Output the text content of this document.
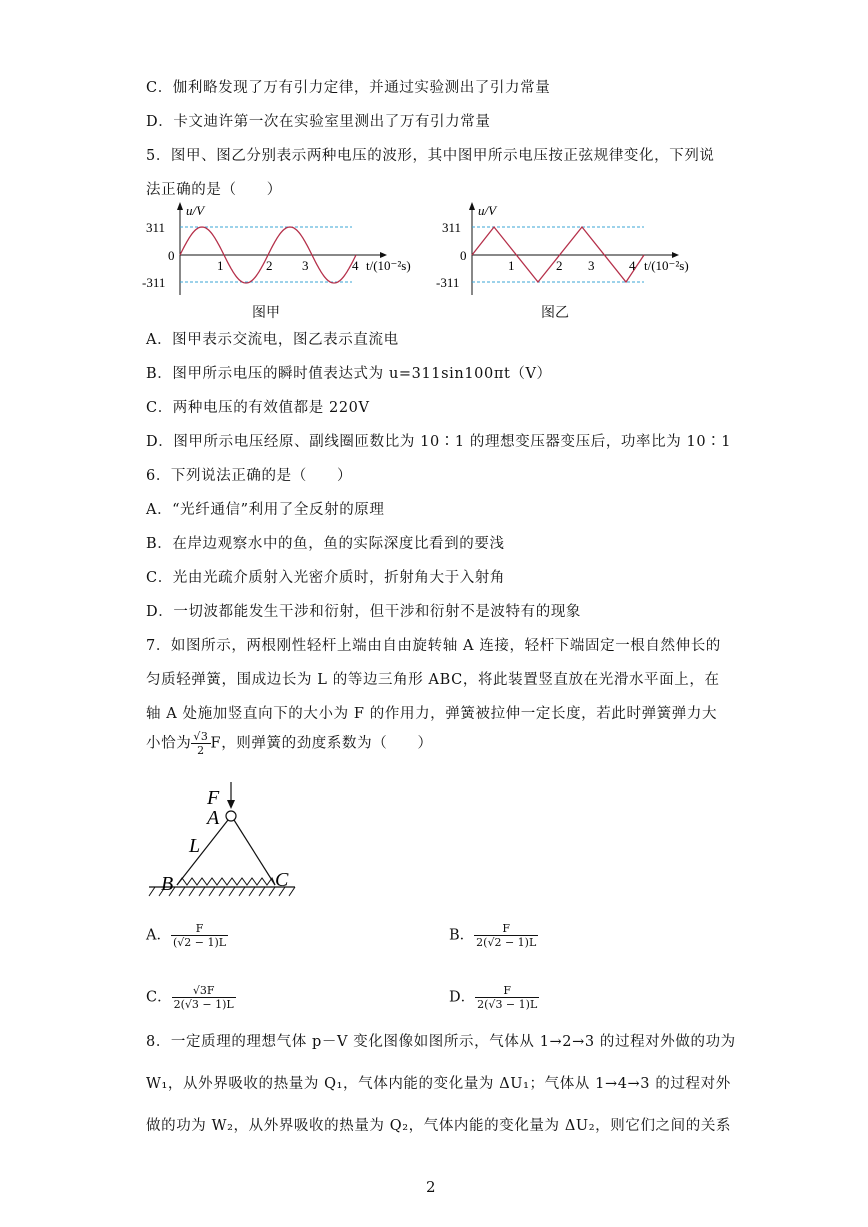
C．伽利略发现了万有引力定律，并通过实验测出了引力常量
D．卡文迪许第一次在实验室里测出了万有引力常量
5．图甲、图乙分别表示两种电压的波形，其中图甲所示电压按正弦规律变化，下列说
法正确的是（　　）
311
0
-311
u/V
1	2 3	4 t/(10⁻²s)
图甲
311
0
-311
u/V
1	2 3	4 t/(10⁻²s)
图乙
A．图甲表示交流电，图乙表示直流电
B．图甲所示电压的瞬时值表达式为 u=311sin100πt（V）
C．两种电压的有效值都是 220V
D．图甲所示电压经原、副线圈匝数比为 10∶1 的理想变压器变压后，功率比为 10∶1
6．下列说法正确的是（　　）
A．“光纤通信”利用了全反射的原理
B．在岸边观察水中的鱼，鱼的实际深度比看到的要浅
C．光由光疏介质射入光密介质时，折射角大于入射角
D．一切波都能发生干涉和衍射，但干涉和衍射不是波特有的现象
7．如图所示，两根刚性轻杆上端由自由旋转轴 A 连接，轻杆下端固定一根自然伸长的
匀质轻弹簧，围成边长为 L 的等边三角形 ABC，将此装置竖直放在光滑水平面上，在
轴 A 处施加竖直向下的大小为 F 的作用力，弹簧被拉伸一定长度，若此时弹簧弹力大
小恰为 $\frac{√3}{2}$ F，则弹簧的劲度系数为（　　）
F
A
L
B	C
A． $\frac{F}{(√2 - 1)L}$	B． $\frac{F}{2(√2 - 1)L}$
C． $\frac{√3F}{2(√3 - 1)L}$	D． $\frac{F}{2(√3 - 1)L}$
8．一定质理的理想气体 p－V 变化图像如图所示，气体从 1→2→3 的过程对外做的功为
W₁，从外界吸收的热量为 Q₁，气体内能的变化量为 ΔU₁；气体从 1→4→3 的过程对外
做的功为 W₂，从外界吸收的热量为 Q₂，气体内能的变化量为 ΔU₂，则它们之间的关系
2
